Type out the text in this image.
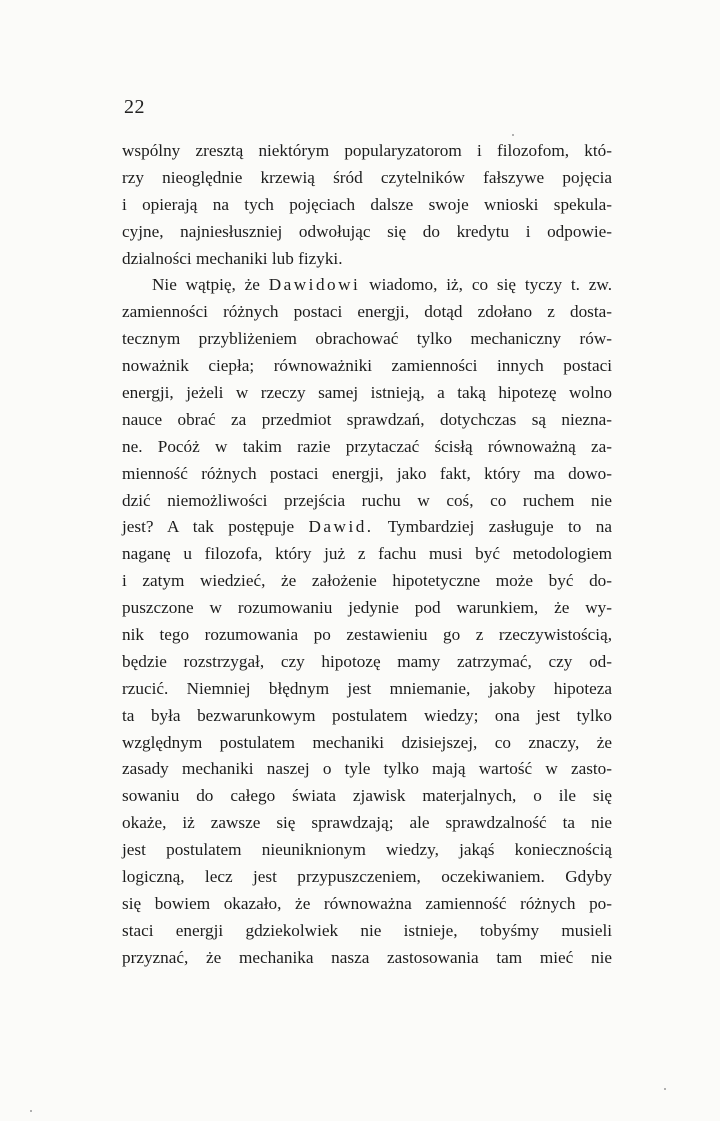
22
wspólny zresztą niektórym popularyzatorom i filozofom, któ-
rzy nieoględnie krzewią śród czytelników fałszywe pojęcia
i opierają na tych pojęciach dalsze swoje wnioski spekula-
cyjne, najniesłuszniej odwołując się do kredytu i odpowie-
dzialności mechaniki lub fizyki.
Nie wątpię, że Dawidowi wiadomo, iż, co się tyczy t. zw.
zamienności różnych postaci energji, dotąd zdołano z dosta-
tecznym przybliżeniem obrachować tylko mechaniczny rów-
noważnik ciepła; równoważniki zamienności innych postaci
energji, jeżeli w rzeczy samej istnieją, a taką hipotezę wolno
nauce obrać za przedmiot sprawdzań, dotychczas są niezna-
ne. Pocóż w takim razie przytaczać ścisłą równoważną za-
mienność różnych postaci energji, jako fakt, który ma dowo-
dzić niemożliwości przejścia ruchu w coś, co ruchem nie
jest? A tak postępuje Dawid. Tymbardziej zasługuje to na
naganę u filozofa, który już z fachu musi być metodologiem
i zatym wiedzieć, że założenie hipotetyczne może być do-
puszczone w rozumowaniu jedynie pod warunkiem, że wy-
nik tego rozumowania po zestawieniu go z rzeczywistością,
będzie rozstrzygał, czy hipotozę mamy zatrzymać, czy od-
rzucić. Niemniej błędnym jest mniemanie, jakoby hipoteza
ta była bezwarunkowym postulatem wiedzy; ona jest tylko
względnym postulatem mechaniki dzisiejszej, co znaczy, że
zasady mechaniki naszej o tyle tylko mają wartość w zasto-
sowaniu do całego świata zjawisk materjalnych, o ile się
okaże, iż zawsze się sprawdzają; ale sprawdzalność ta nie
jest postulatem nieuniknionym wiedzy, jakąś koniecznością
logiczną, lecz jest przypuszczeniem, oczekiwaniem. Gdyby
się bowiem okazało, że równoważna zamienność różnych po-
staci energji gdziekolwiek nie istnieje, tobyśmy musieli
przyznać, że mechanika nasza zastosowania tam mieć nie
